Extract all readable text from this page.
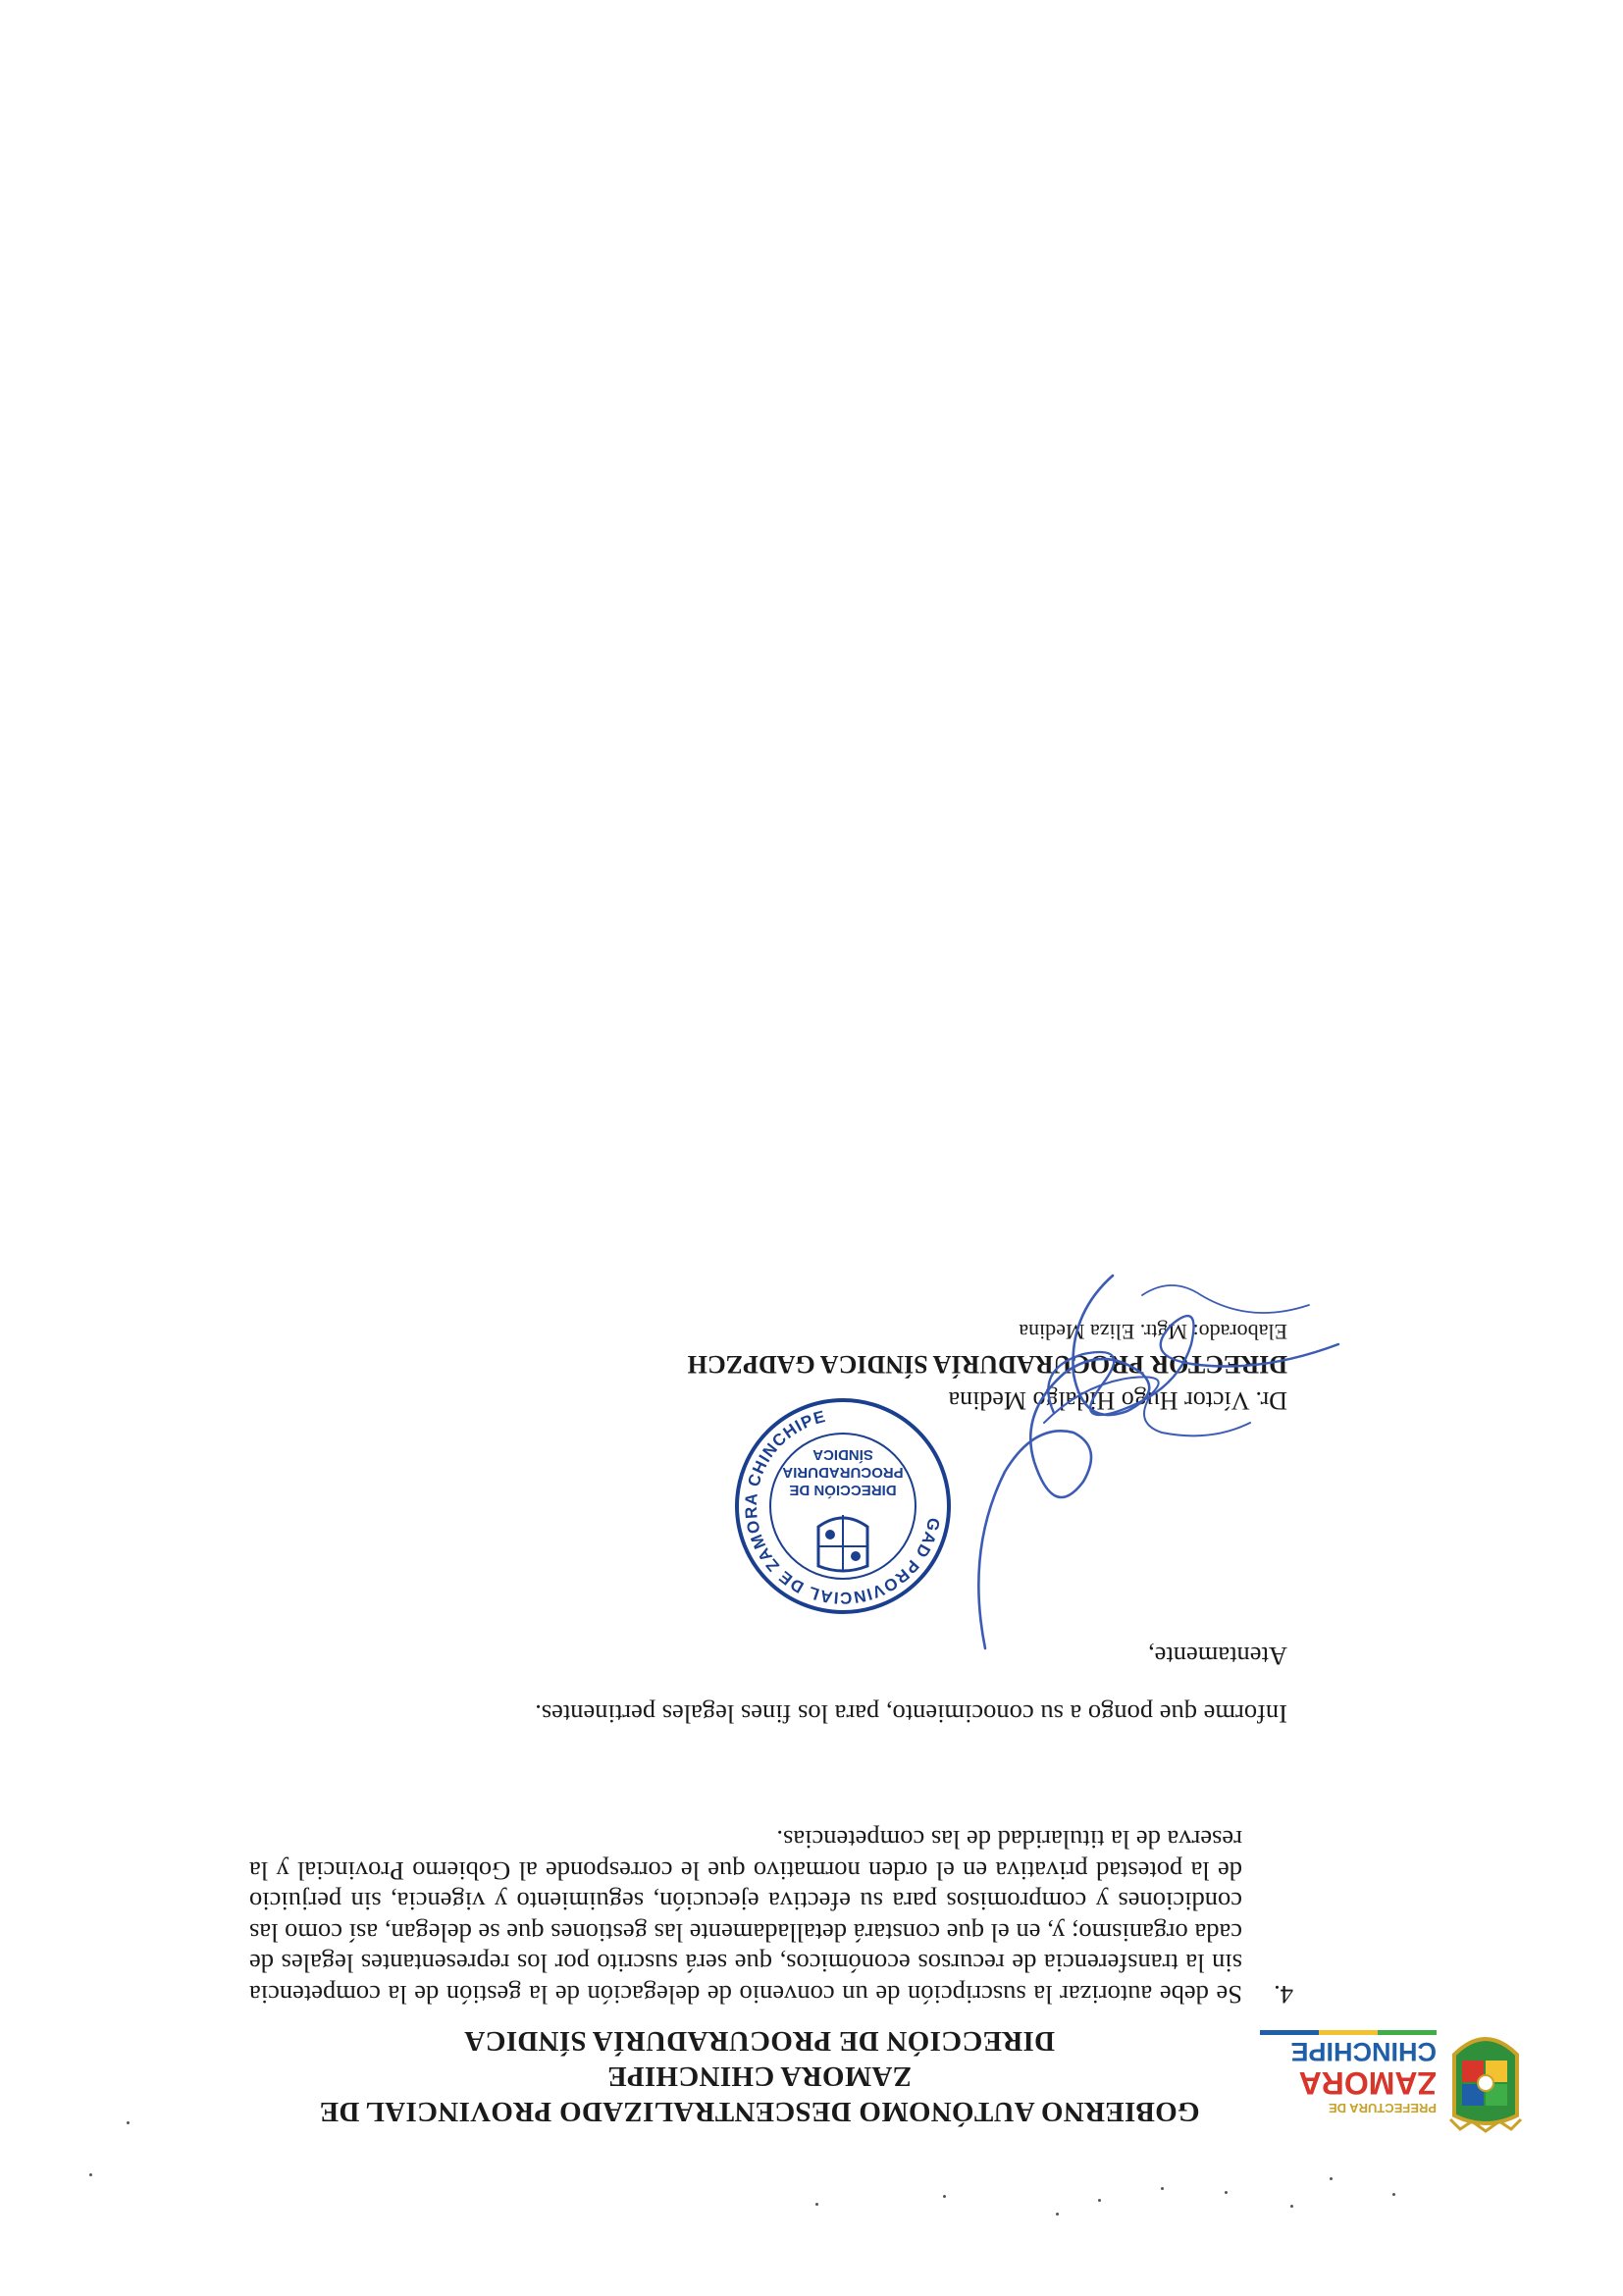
PREFECTURA DE
ZAMORA
CHINCHIPE
GOBIERNO AUTÓNOMO DESCENTRALIZADO PROVINCIAL DE
ZAMORA CHINCHIPE
DIRECCIÓN DE PROCURADURÍA SÍNDICA
4.
Se debe autorizar la suscripción de un convenio de delegación de la gestión de la competencia sin la transferencia de recursos económicos, que será suscrito por los representantes legales de cada organismo; y, en el que constará detalladamente las gestiones que se delegan, así como las condiciones y compromisos para su efectiva ejecución, seguimiento y vigencia, sin perjuicio de la potestad privativa en el orden normativo que le corresponde al Gobierno Provincial y la reserva de la titularidad de las competencias.
Informe que pongo a su conocimiento, para los fines legales pertinentes.
Atentamente,
GAD PROVINCIAL DE ZAMORA CHINCHIPE
DIRECCIÓN DE
PROCURADURIA
SÍNDICA
Dr. Víctor Hugo Hidalgo Medina
DIRECTOR PROCURADURÍA SÍNDICA GADPZCH
Elaborado: Mgtr. Eliza Medina
